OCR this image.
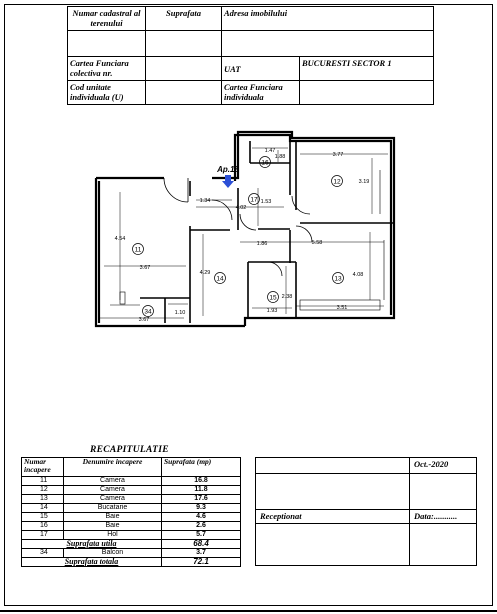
Numar cadastral al terenului	Suprafata	Adresa imobilului	

Cartea Funciara colectiva nr.		UAT	BUCURESTI SECTOR 1
Cod unitate individuala (U)		Cartea Funciara individuala	
11
12
13
14
15
16
17
34
1.47
1.88	3.77
3.19
1.34
4.02
1.53
4.54
1.86	5.58
3.67
4.29	4.08
2.38
1.93	3.51
3.67
1.10
Ap.18
RECAPITULATIE
Numar incapere	Denumire incapere	Suprafata (mp)
11	Camera	16.8
12	Camera	11.8
13	Camera	17.6
14	Bucatarie	9.3
15	Baie	4.6
16	Baie	2.6
17	Hol	5.7
Suprafata utila		68.4
34	Balcon	3.7
Suprafata totala		72.1
	Oct.-2020

Receptionat	Data:...........
